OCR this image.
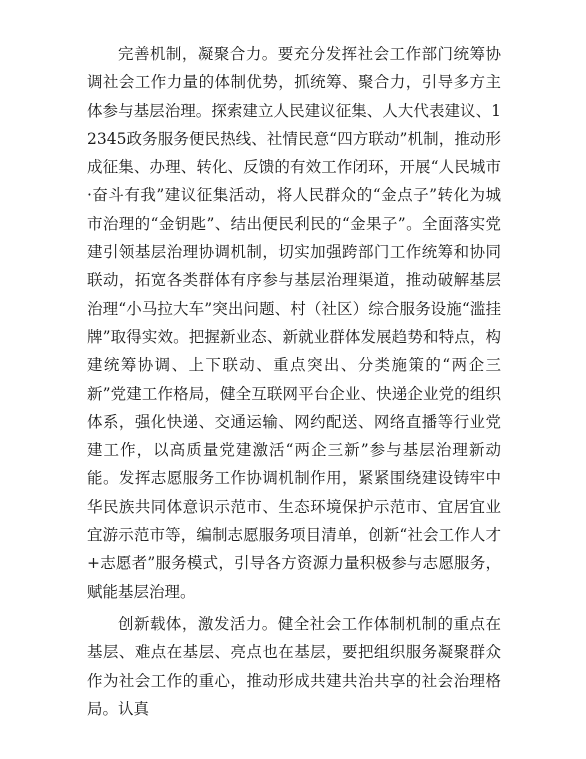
完善机制，凝聚合力。要充分发挥社会工作部门统筹协调社会工作力量的体制优势，抓统筹、聚合力，引导多方主体参与基层治理。探索建立人民建议征集、人大代表建议、12345政务服务便民热线、社情民意“四方联动”机制，推动形成征集、办理、转化、反馈的有效工作闭环，开展“人民城市·奋斗有我”建议征集活动，将人民群众的“金点子”转化为城市治理的“金钥匙”、结出便民利民的“金果子”。全面落实党建引领基层治理协调机制，切实加强跨部门工作统筹和协同联动，拓宽各类群体有序参与基层治理渠道，推动破解基层治理“小马拉大车”突出问题、村（社区）综合服务设施“滥挂牌”取得实效。把握新业态、新就业群体发展趋势和特点，构建统筹协调、上下联动、重点突出、分类施策的“两企三新”党建工作格局，健全互联网平台企业、快递企业党的组织体系，强化快递、交通运输、网约配送、网络直播等行业党建工作，以高质量党建激活“两企三新”参与基层治理新动能。发挥志愿服务工作协调机制作用，紧紧围绕建设铸牢中华民族共同体意识示范市、生态环境保护示范市、宜居宜业宜游示范市等，编制志愿服务项目清单，创新“社会工作人才+志愿者”服务模式，引导各方资源力量积极参与志愿服务，赋能基层治理。

创新载体，激发活力。健全社会工作体制机制的重点在基层、难点在基层、亮点也在基层，要把组织服务凝聚群众作为社会工作的重心，推动形成共建共治共享的社会治理格局。认真
